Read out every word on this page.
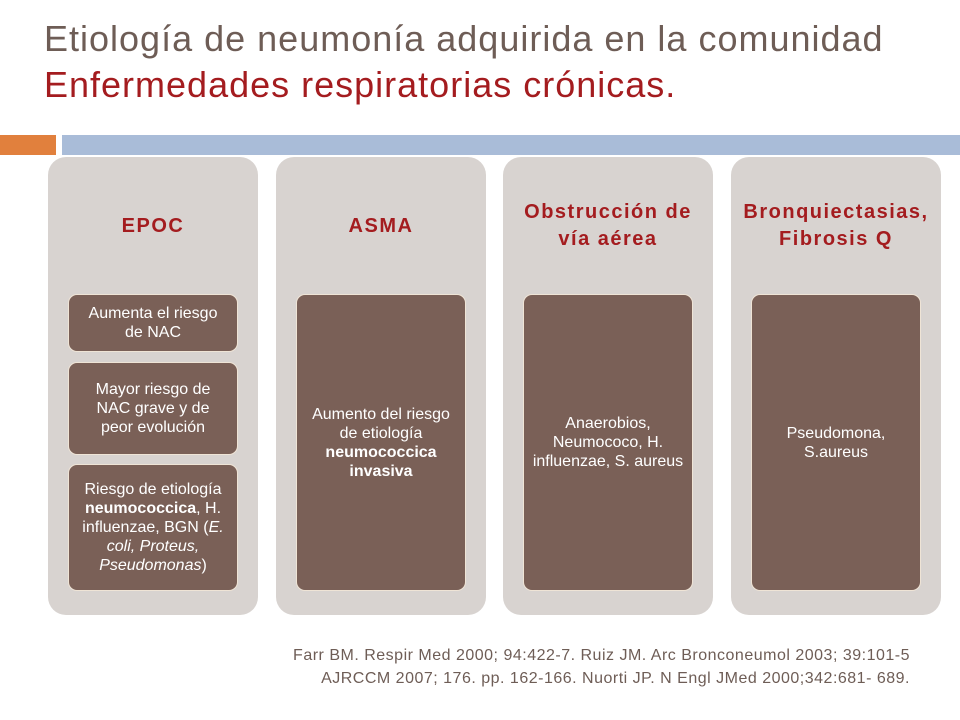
Etiología de neumonía adquirida en la comunidad
Enfermedades respiratorias crónicas.
EPOC
Aumenta el riesgo de NAC
Mayor riesgo de NAC grave y de peor evolución
Riesgo de etiología neumococcica, H. influenzae, BGN (E. coli, Proteus, Pseudomonas)
ASMA
Aumento del riesgo de etiología neumococcica invasiva
Obstrucción de vía aérea
Anaerobios, Neumococo, H. influenzae, S. aureus
Bronquiectasias, Fibrosis Q
Pseudomona, S.aureus
Farr BM. Respir Med 2000; 94:422-7. Ruiz JM. Arc Bronconeumol 2003; 39:101-5
AJRCCM 2007; 176. pp. 162-166. Nuorti JP. N Engl JMed 2000;342:681- 689.
